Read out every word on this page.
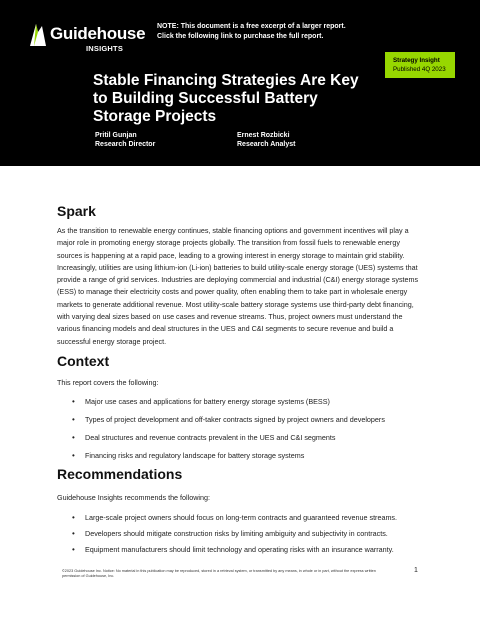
Guidehouse
INSIGHTS
NOTE: This document is a free excerpt of a larger report.
Click the following link to purchase the full report.
Strategy Insight
Published 4Q 2023
Stable Financing Strategies Are Key to Building Successful Battery Storage Projects
Pritil Gunjan
Research Director
Ernest Rozbicki
Research Analyst
Spark
As the transition to renewable energy continues, stable financing options and government incentives will play a major role in promoting energy storage projects globally. The transition from fossil fuels to renewable energy sources is happening at a rapid pace, leading to a growing interest in energy storage to maintain grid stability. Increasingly, utilities are using lithium-ion (Li-ion) batteries to build utility-scale energy storage (UES) systems that provide a range of grid services. Industries are deploying commercial and industrial (C&I) energy storage systems (ESS) to manage their electricity costs and power quality, often enabling them to take part in wholesale energy markets to generate additional revenue. Most utility-scale battery storage systems use third-party debt financing, with varying deal sizes based on use cases and revenue streams. Thus, project owners must understand the various financing models and deal structures in the UES and C&I segments to secure revenue and build a successful energy storage project.
Context
This report covers the following:
• Major use cases and applications for battery energy storage systems (BESS)
• Types of project development and off-taker contracts signed by project owners and developers
• Deal structures and revenue contracts prevalent in the UES and C&I segments
• Financing risks and regulatory landscape for battery storage systems
Recommendations
Guidehouse Insights recommends the following:
• Large-scale project owners should focus on long-term contracts and guaranteed revenue streams.
• Developers should mitigate construction risks by limiting ambiguity and subjectivity in contracts.
• Equipment manufacturers should limit technology and operating risks with an insurance warranty.
©2023 Guidehouse Inc. Notice: No material in this publication may be reproduced, stored in a retrieval system, or transmitted by any means, in whole or in part, without the express written permission of Guidehouse, Inc.
1
